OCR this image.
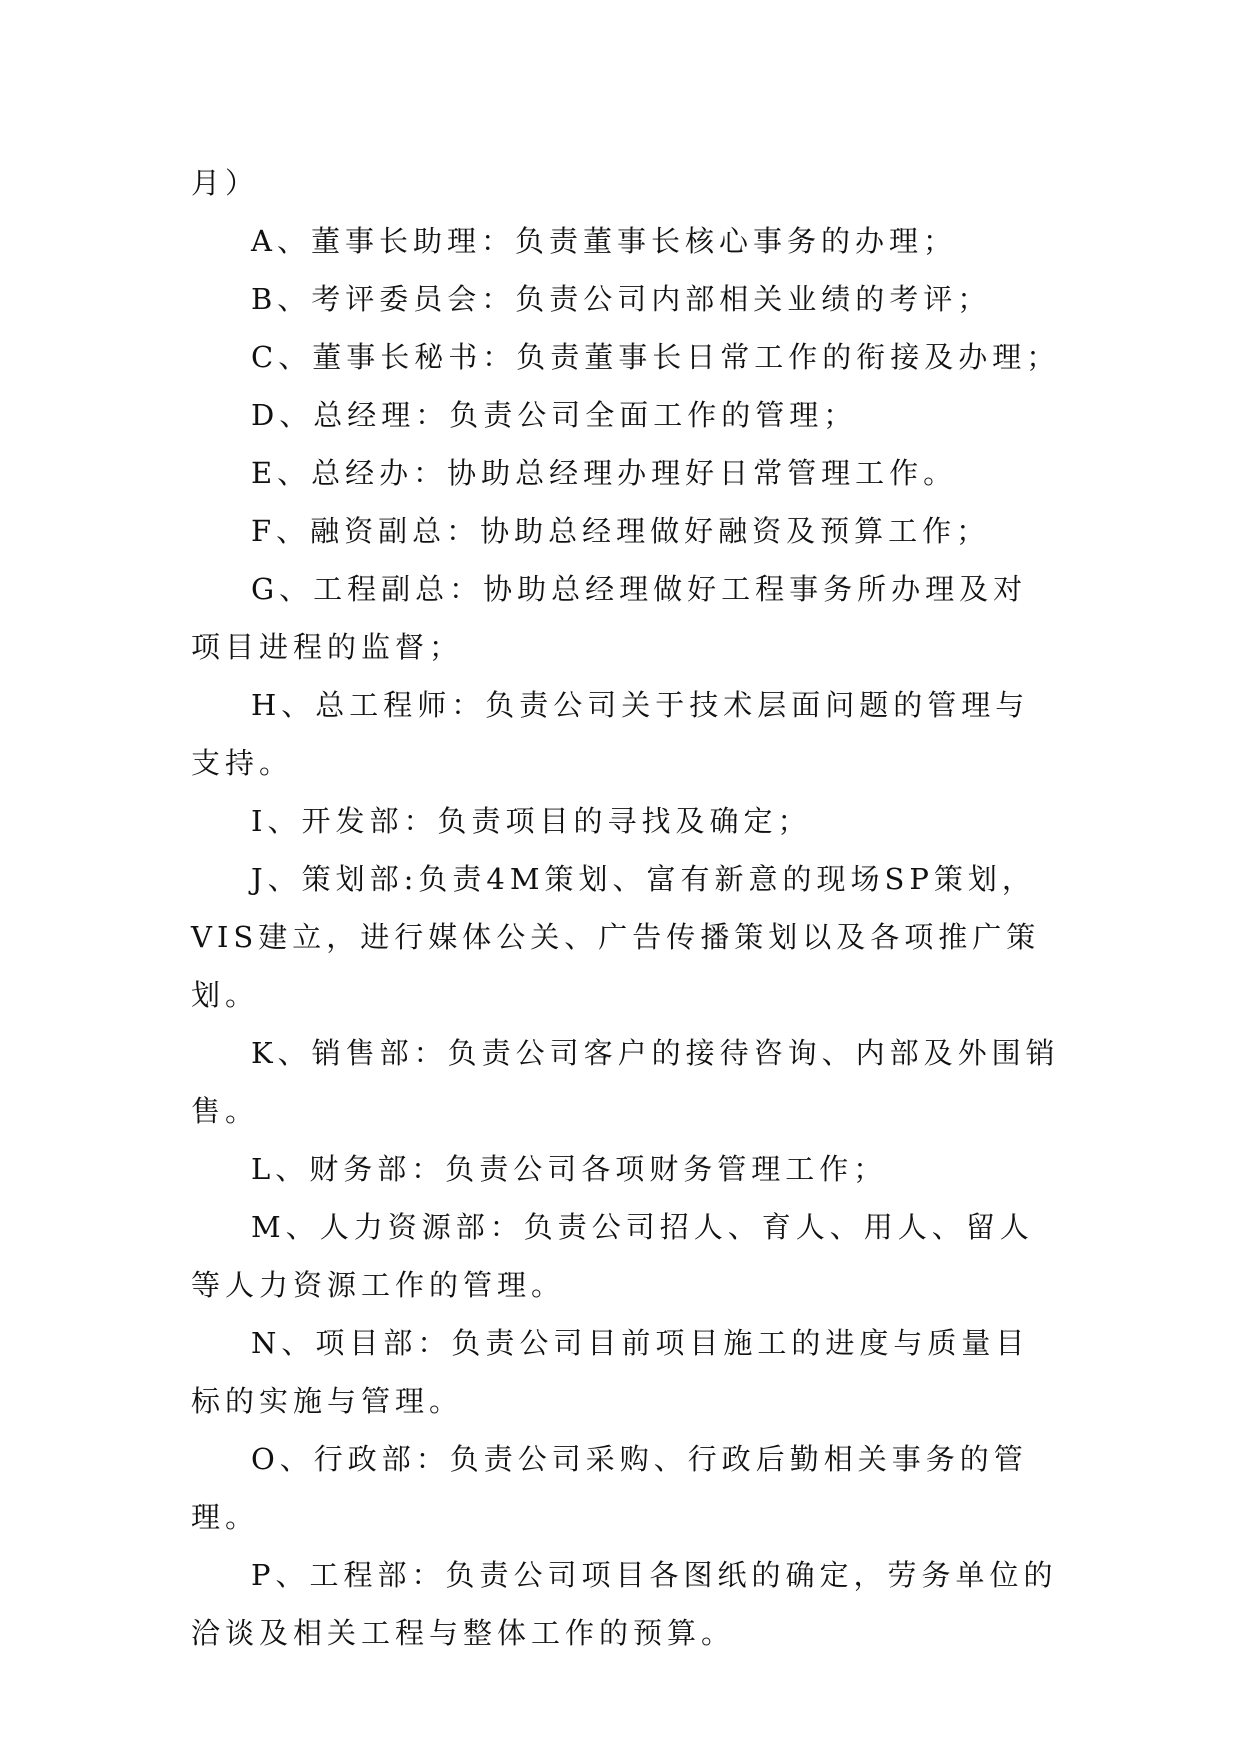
月）

A、董事长助理：负责董事长核心事务的办理；

B、考评委员会：负责公司内部相关业绩的考评；

C、董事长秘书：负责董事长日常工作的衔接及办理；

D、总经理：负责公司全面工作的管理；

E、总经办：协助总经理办理好日常管理工作。

F、融资副总：协助总经理做好融资及预算工作；

G、工程副总：协助总经理做好工程事务所办理及对项目进程的监督；

H、总工程师：负责公司关于技术层面问题的管理与支持。

I、开发部：负责项目的寻找及确定；

J、策划部:负责4M策划、富有新意的现场SP策划，VIS建立，进行媒体公关、广告传播策划以及各项推广策划。

K、销售部：负责公司客户的接待咨询、内部及外围销售。

L、财务部：负责公司各项财务管理工作；

M、人力资源部：负责公司招人、育人、用人、留人等人力资源工作的管理。

N、项目部：负责公司目前项目施工的进度与质量目标的实施与管理。

O、行政部：负责公司采购、行政后勤相关事务的管理。

P、工程部：负责公司项目各图纸的确定，劳务单位的洽谈及相关工程与整体工作的预算。
